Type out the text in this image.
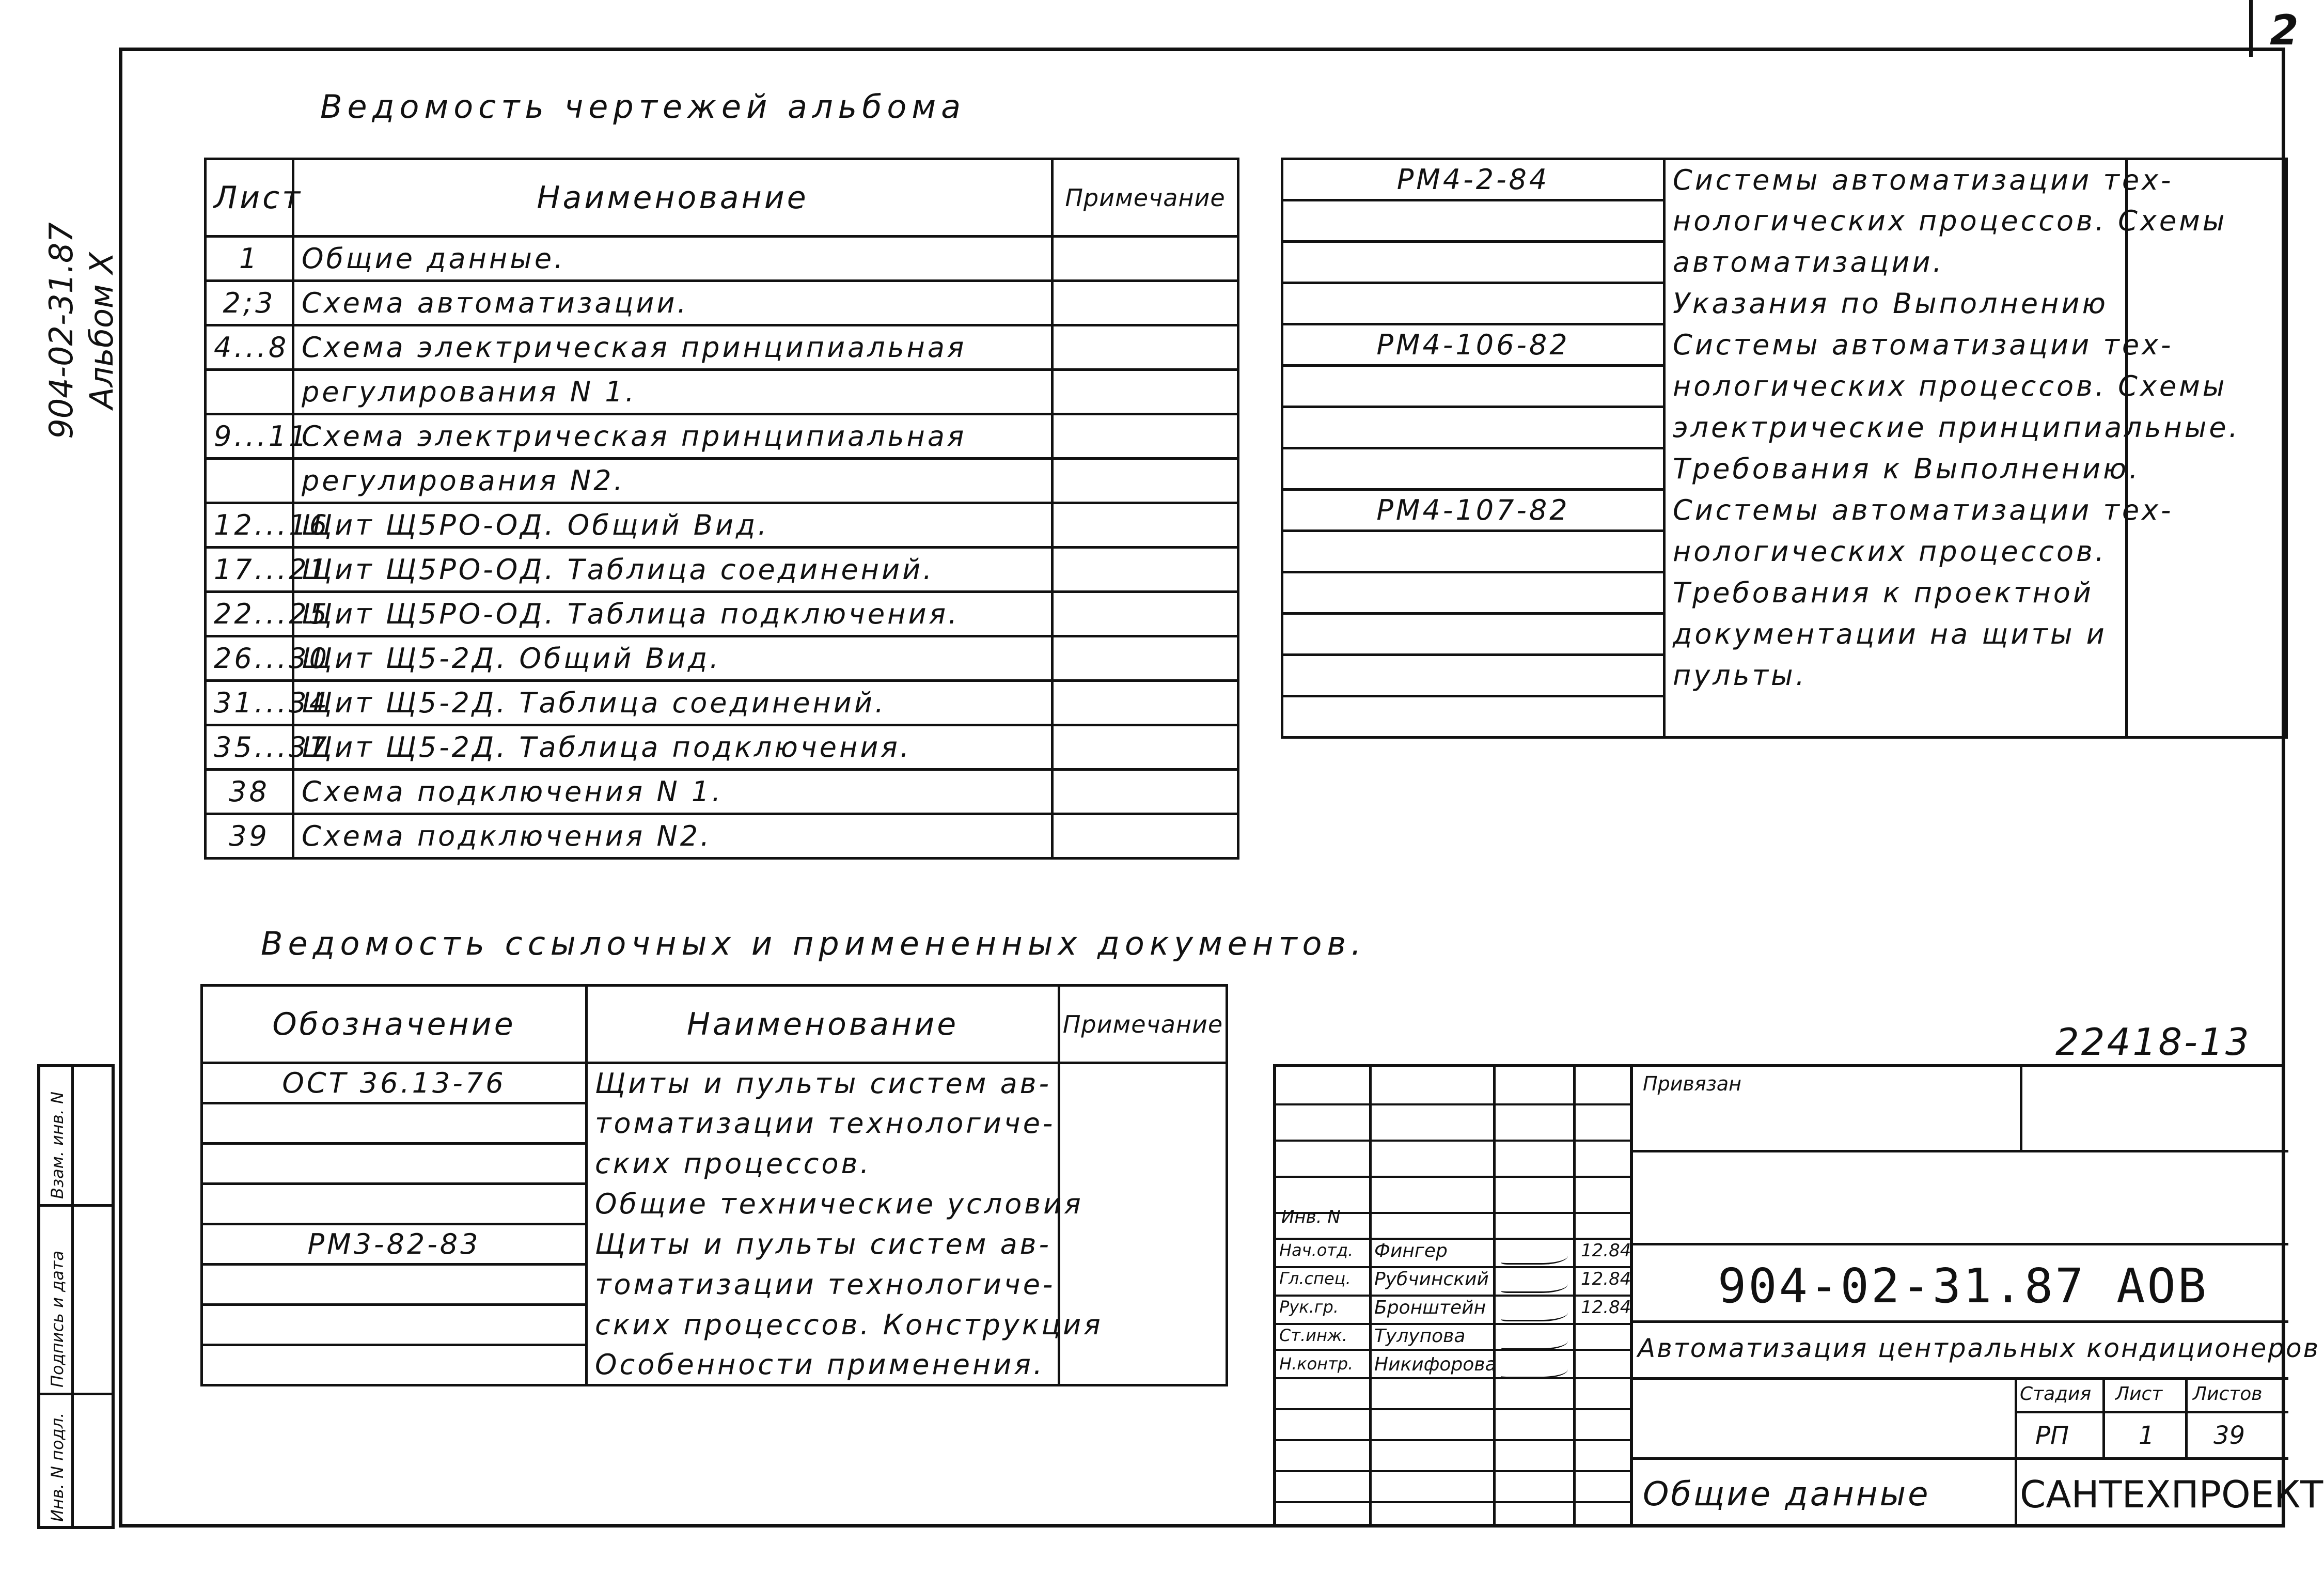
2
904-02-31.87 Альбом X
Ведомость чертежей альбома
Лист	Наименование	Примечание
1	Общие данные.	
2;3	Схема автоматизации.	
4...8	Схема электрическая принципиальная	
	регулирования N 1.	
9...11	Схема электрическая принципиальная	
	регулирования N2.	
12...16	Щит Щ5РО-ОД. Общий Вид.	
17...21	Щит Щ5РО-ОД. Таблица соединений.	
22...25	Щит Щ5РО-ОД. Таблица подключения.	
26...30	Щит Щ5-2Д. Общий Вид.	
31...34	Щит Щ5-2Д. Таблица соединений.	
35...37	Щит Щ5-2Д. Таблица подключения.	
38	Схема подключения N 1.	
39	Схема подключения N2.	
РМ4-2-84	Системы автоматизации тех-	
	нологических процессов. Схемы	
	автоматизации.	
	Указания по Выполнению	
РМ4-106-82	Системы автоматизации тех-	
	нологических процессов. Схемы	
	электрические принципиальные.	
	Требования к Выполнению.	
РМ4-107-82	Системы автоматизации тех-	
	нологических процессов.	
	Требования к проектной	
	документации на щиты и	
	пульты.	

Ведомость ссылочных и примененных документов.
Обозначение	Наименование	Примечание
ОСТ 36.13-76	Щиты и пульты систем ав-	
	томатизации технологиче-	
	ских процессов.	
	Общие технические условия	
РМ3-82-83	Щиты и пульты систем ав-	
	томатизации технологиче-	
	ских процессов. Конструкция	
	Особенности применения.	
22418-13
Привязан
Инв. N
Нач.отд. Фингер	12.84
Гл.спец. Рубчинский	12.84
Рук.гр. Бронштейн	12.84
Ст.инж. Тулупова
Н.контр. Никифорова
904-02-31.87 АОВ
Автоматизация центральных кондиционеров
Стадия Лист Листов
РП	1 39
Общие данные САНТЕХПРОЕКТ
Инв. N подл.
Подпись и дата
Взам. инв. N
